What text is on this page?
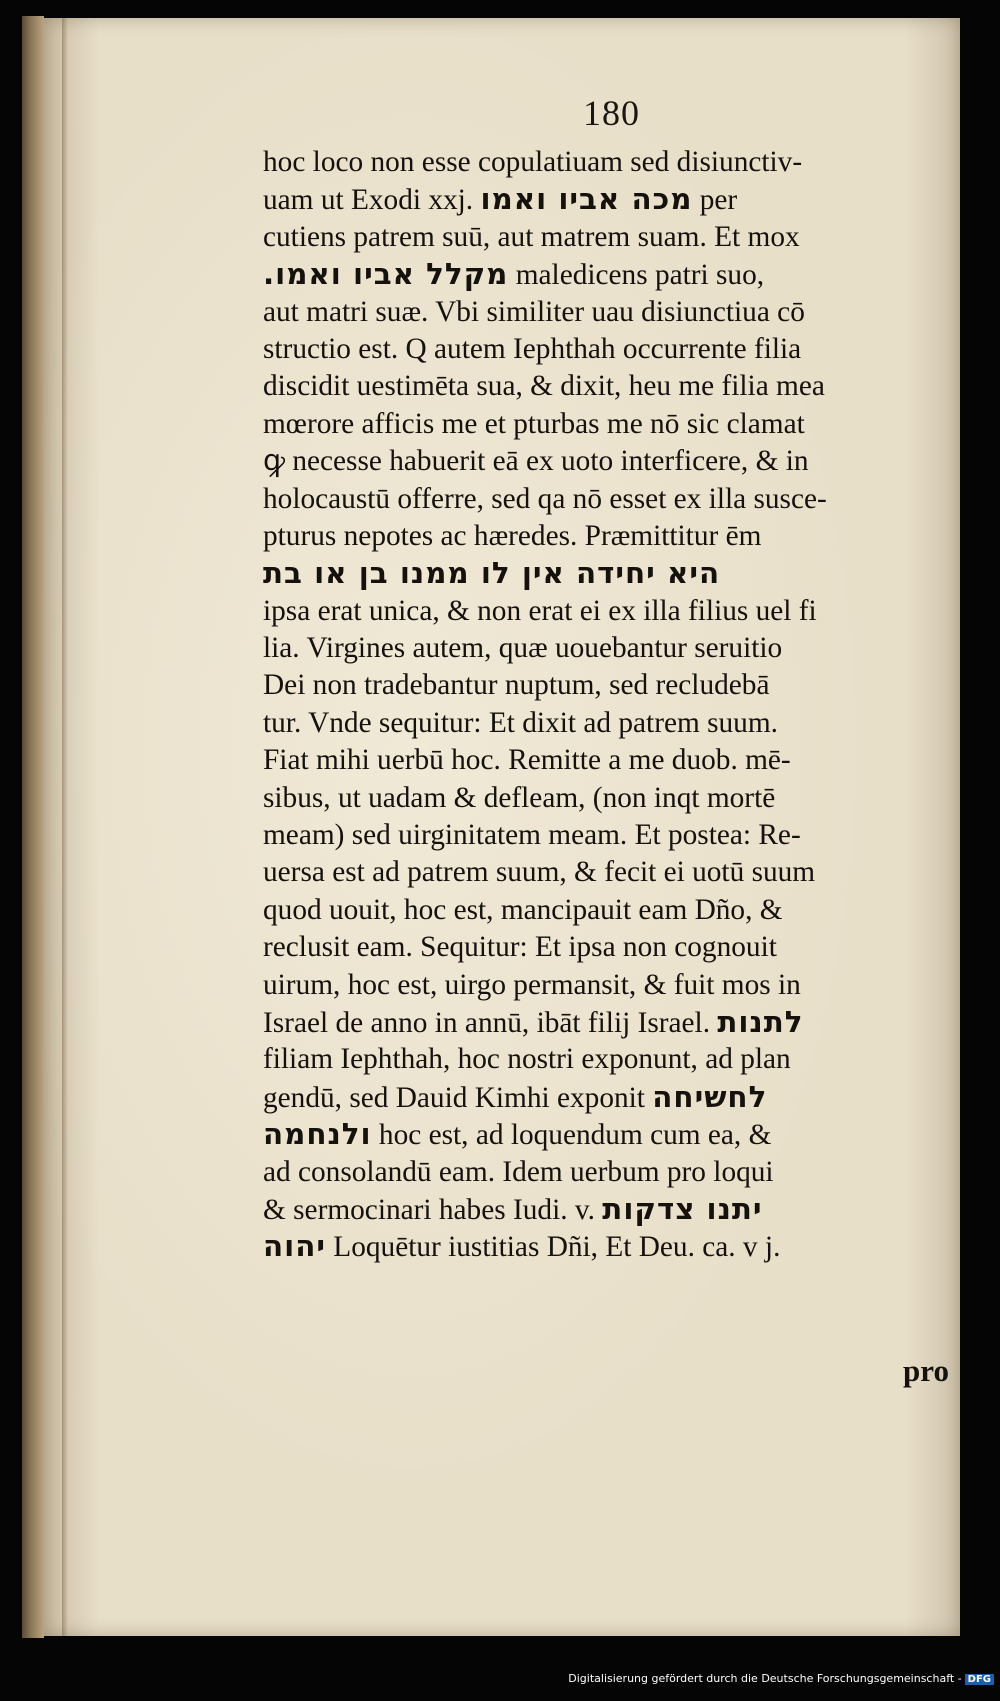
180
hoc loco non esse copulatiuam sed disiunctiv-
uam ut Exodi xxj. מכה אביו ואמו per
cutiens patrem suū, aut matrem suam. Et mox
מקלל אביו ואמו. maledicens patri suo,
aut matri suæ. Vbi similiter uau disiunctiua cō
structio est. Q autem Iephthah occurrente filia
discidit uestimēta sua, & dixit, heu me filia mea
mœrore afficis me et pturbas me nō sic clamat
ꝙ necesse habuerit eā ex uoto interficere, & in
holocaustū offerre, sed qa nō esset ex illa susce-
pturus nepotes ac hæredes. Præmittitur ēm
היא יחידה אין לו ממנו בן או בת
ipsa erat unica, & non erat ei ex illa filius uel fi
lia. Virgines autem, quæ uouebantur seruitio
Dei non tradebantur nuptum, sed recludebā
tur. Vnde sequitur: Et dixit ad patrem suum.
Fiat mihi uerbū hoc. Remitte a me duob. mē-
sibus, ut uadam & defleam, (non inqt mortē
meam) sed uirginitatem meam. Et postea: Re-
uersa est ad patrem suum, & fecit ei uotū suum
quod uouit, hoc est, mancipauit eam Dño, &
reclusit eam. Sequitur: Et ipsa non cognouit
uirum, hoc est, uirgo permansit, & fuit mos in
Israel de anno in annū, ibāt filij Israel. לתנות
filiam Iephthah, hoc nostri exponunt, ad plan
gendū, sed Dauid Kimhi exponit לחשיחה
ולנחמה hoc est, ad loquendum cum ea, &
ad consolandū eam. Idem uerbum pro loqui
& sermocinari habes Iudi. v. יתנו צדקות
יהוה Loquētur iustitias Dñi, Et Deu. ca. v j.
pro
Digitalisierung gefördert durch die Deutsche Forschungsgemeinschaft - DFG
